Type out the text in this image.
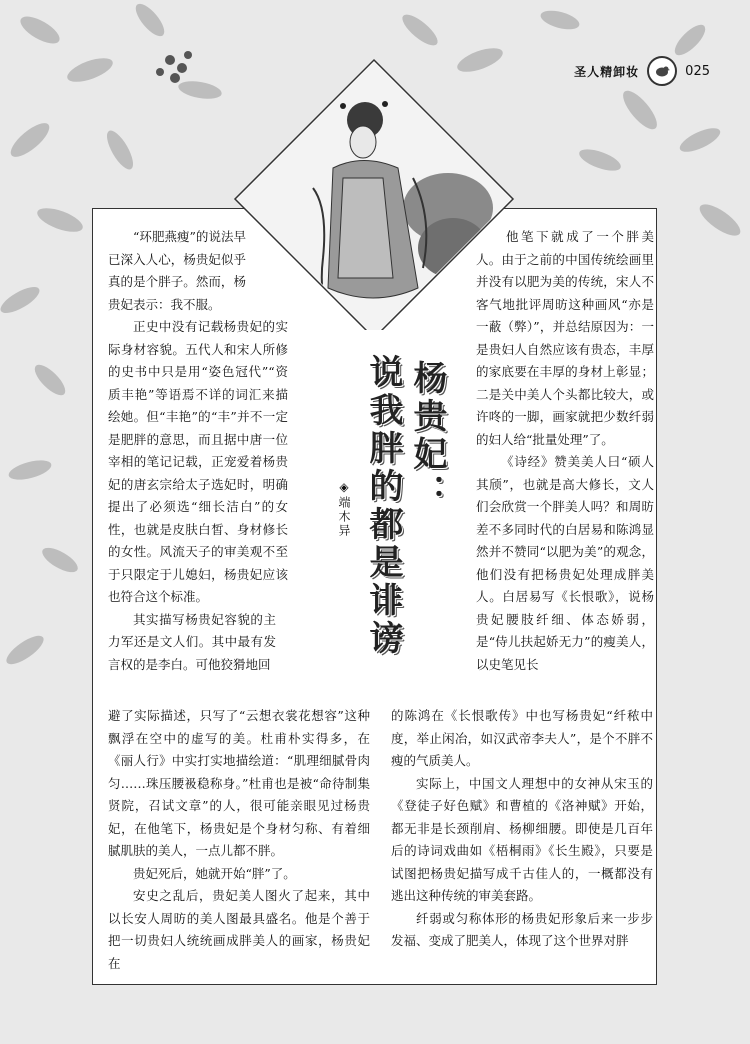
圣人精卸妆	025
杨贵妃：
说我胖的都是诽谤
◈端木异

“环肥燕瘦”的说法早已深入人心，杨贵妃似乎真的是个胖子。然而，杨贵妃表示：我不服。

正史中没有记载杨贵妃的实际身材容貌。五代人和宋人所修的史书中只是用“姿色冠代”“资质丰艳”等语焉不详的词汇来描绘她。但“丰艳”的“丰”并不一定是肥胖的意思，而且据中唐一位宰相的笔记记载，正宠爱着杨贵妃的唐玄宗给太子选妃时，明确提出了必须选“细长洁白”的女性，也就是皮肤白皙、身材修长的女性。风流天子的审美观不至于只限定于儿媳妇，杨贵妃应该也符合这个标准。

其实描写杨贵妃容貌的主力军还是文人们。其中最有发言权的是李白。可他狡猾地回

他笔下就成了一个胖美人。由于之前的中国传统绘画里并没有以肥为美的传统，宋人不客气地批评周昉这种画风“亦是一蔽（弊）”，并总结原因为：一是贵妇人自然应该有贵态，丰厚的家底要在丰厚的身材上彰显；二是关中美人个头都比较大，或许咚的一脚，画家就把少数纤弱的妇人给“批量处理”了。

《诗经》赞美美人曰“硕人其颀”，也就是高大修长，文人们会欣赏一个胖美人吗？和周昉差不多同时代的白居易和陈鸿显然并不赞同“以肥为美”的观念，他们没有把杨贵妃处理成胖美人。白居易写《长恨歌》，说杨贵妃腰肢纤细、体态娇弱，是“侍儿扶起娇无力”的瘦美人，以史笔见长

避了实际描述，只写了“云想衣裳花想容”这种飘浮在空中的虚写的美。杜甫朴实得多，在《丽人行》中实打实地描绘道：“肌理细腻骨肉匀……珠压腰衱稳称身。”杜甫也是被“命待制集贤院，召试文章”的人，很可能亲眼见过杨贵妃，在他笔下，杨贵妃是个身材匀称、有着细腻肌肤的美人，一点儿都不胖。

贵妃死后，她就开始“胖”了。

安史之乱后，贵妃美人图火了起来，其中以长安人周昉的美人图最具盛名。他是个善于把一切贵妇人统统画成胖美人的画家，杨贵妃在

的陈鸿在《长恨歌传》中也写杨贵妃“纤秾中度，举止闲冶，如汉武帝李夫人”，是个不胖不瘦的气质美人。

实际上，中国文人理想中的女神从宋玉的《登徒子好色赋》和曹植的《洛神赋》开始，都无非是长颈削肩、杨柳细腰。即使是几百年后的诗词戏曲如《梧桐雨》《长生殿》，只要是试图把杨贵妃描写成千古佳人的，一概都没有逃出这种传统的审美套路。

纤弱或匀称体形的杨贵妃形象后来一步步发福、变成了肥美人，体现了这个世界对胖
